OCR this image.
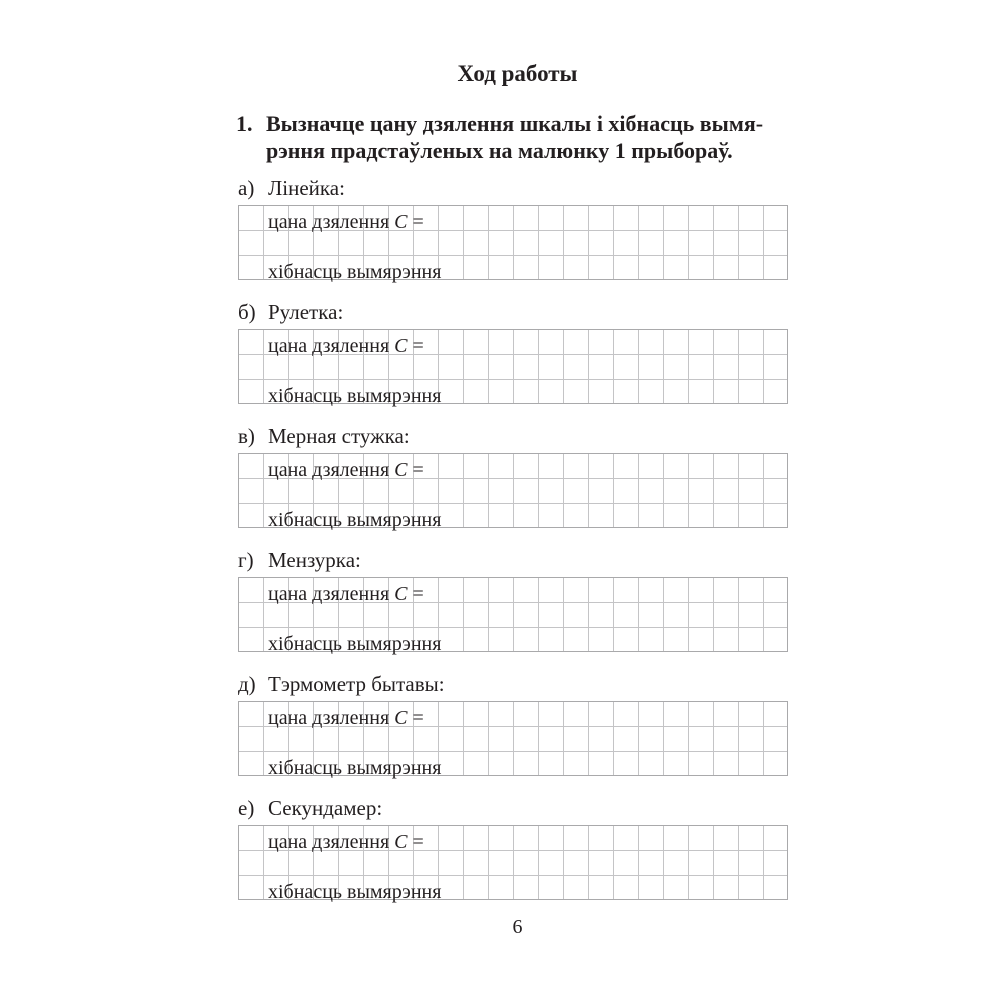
Ход работы
1. Вызначце цану дзялення шкалы і хібнасць вымя-рэння прадстаўленых на малюнку 1 прыбораў.
а) Лінейка:
цана дзялення C =
хібнасць вымярэння
б) Рулетка:
цана дзялення C =
хібнасць вымярэння
в) Мерная стужка:
цана дзялення C =
хібнасць вымярэння
г) Мензурка:
цана дзялення C =
хібнасць вымярэння
д) Тэрмометр бытавы:
цана дзялення C =
хібнасць вымярэння
е) Секундамер:
цана дзялення C =
хібнасць вымярэння
6
